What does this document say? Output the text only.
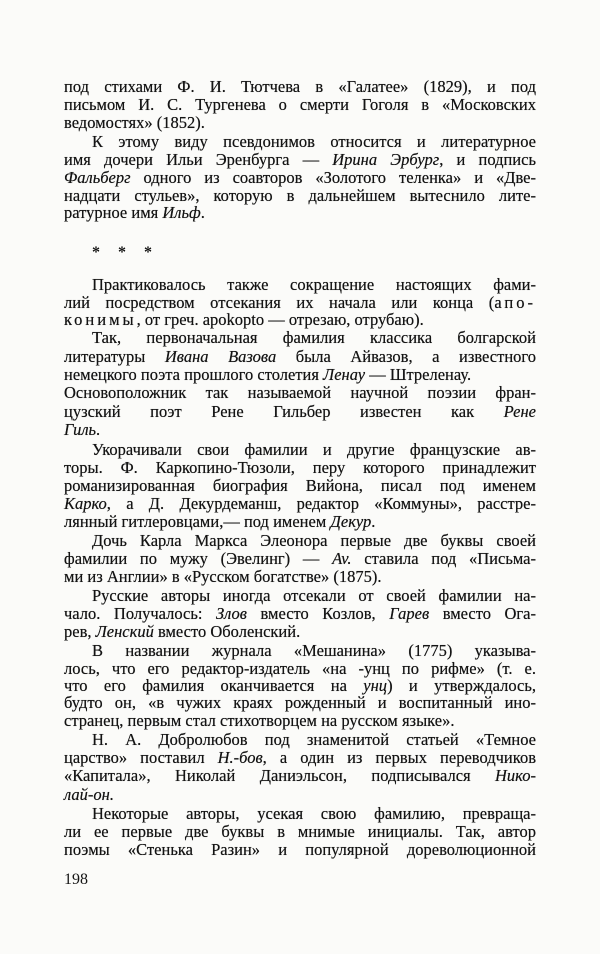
под стихами Ф. И. Тютчева в «Галатее» (1829), и под
письмом И. С. Тургенева о смерти Гоголя в «Московских
ведомостях» (1852).
К этому виду псевдонимов относится и литературное
имя дочери Ильи Эренбурга — Ирина Эрбург, и подпись
Фальберг одного из соавторов «Золотого теленка» и «Две-
надцати стульев», которую в дальнейшем вытеснило лите-
ратурное имя Ильф.
Практиковалось также сокращение настоящих фами-
лий посредством отсекания их начала или конца (апо-
конимы, от греч. apokopto — отрезаю, отрубаю).
Так, первоначальная фамилия классика болгарской
литературы Ивана Вазова была Айвазов, а известного
немецкого поэта прошлого столетия Ленау — Штреленау.
Основоположник так называемой научной поэзии фран-
цузский поэт Рене Гильбер известен как Рене
Гиль.
Укорачивали свои фамилии и другие французские ав-
торы. Ф. Каркопино-Тюзоли, перу которого принадлежит
романизированная биография Вийона, писал под именем
Карко, а Д. Декурдеманш, редактор «Коммуны», расстре-
лянный гитлеровцами,— под именем Декур.
Дочь Карла Маркса Элеонора первые две буквы своей
фамилии по мужу (Эвелинг) — Av. ставила под «Письма-
ми из Англии» в «Русском богатстве» (1875).
Русские авторы иногда отсекали от своей фамилии на-
чало. Получалось: Злов вместо Козлов, Гарев вместо Ога-
рев, Ленский вместо Оболенский.
В названии журнала «Мешанина» (1775) указыва-
лось, что его редактор-издатель «на -унц по рифме» (т. е.
что его фамилия оканчивается на унц) и утверждалось,
будто он, «в чужих краях рожденный и воспитанный ино-
странец, первым стал стихотворцем на русском языке».
Н. А. Добролюбов под знаменитой статьей «Темное
царство» поставил Н.-бов, а один из первых переводчиков
«Капитала», Николай Даниэльсон, подписывался Нико-
лай-он.
Некоторые авторы, усекая свою фамилию, превраща-
ли ее первые две буквы в мнимые инициалы. Так, автор
поэмы «Стенька Разин» и популярной дореволюционной
* * *
198
